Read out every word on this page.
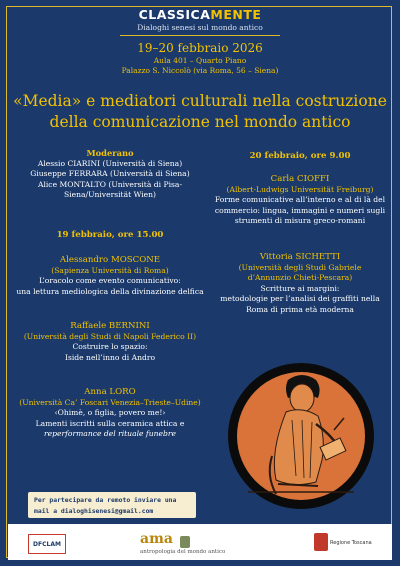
CLASSICAMENTE
Dialoghi senesi sul mondo antico
19–20 febbraio 2026
Aula 401 – Quarto Piano
Palazzo S. Niccolò (via Roma, 56 – Siena)
«Media» e mediatori culturali nella costruzione
della comunicazione nel mondo antico
Moderano
Alessio CIARINI (Università di Siena)
Giuseppe FERRARA (Università di Siena)
Alice MONTALTO (Università di Pisa-
Siena/Universität Wien)
19 febbraio, ore 15.00
Alessandro MOSCONE
(Sapienza Università di Roma)
L’oracolo come evento comunicativo:
una lettura mediologica della divinazione delfica
Raffaele BERNINI
(Università degli Studi di Napoli Federico II)
Costruire lo spazio:
Iside nell’inno di Andro
Anna LORO
(Università Ca’ Foscari Venezia–Trieste–Udine)
‹Ohimè, o figlia, povero me!›
Lamenti iscritti sulla ceramica attica e
reperformance del rituale funebre
20 febbraio, ore 9.00
Carla CIOFFI
(Albert-Ludwigs Universität Freiburg)
Forme comunicative all’interno e al di là del
commercio: lingua, immagini e numeri sugli
strumenti di misura greco-romani
Vittoria SICHETTI
(Università degli Studi Gabriele
d’Annunzio Chieti-Pescara)
Scritture ai margini:
metodologie per l’analisi dei graffiti nella
Roma di prima età moderna
Per partecipare da remoto inviare una
mail a dialoghisenesi@gmail.com
DFCLAM	ama
antropologia del mondo antico
Regione Toscana
